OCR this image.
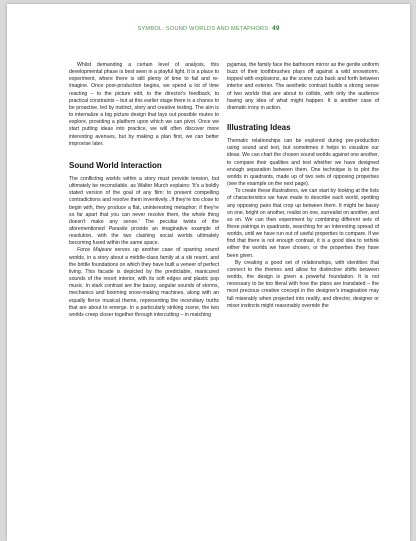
SYMBOL: SOUND WORLDS AND METAPHORS 49

Whilst demanding a certain level of analysis, this developmental phase is best seen in a playful light. It is a place to experiment, where there is still plenty of time to fail and re-imagine. Once post-production begins, we spend a lot of time reacting – to the picture edit, to the director's feedback, to practical constraints – but at this earlier stage there is a chance to be proactive, led by instinct, story and creative testing. The aim is to internalize a big picture design that lays out possible routes to explore, providing a platform upon which we can pivot. Once we start putting ideas into practice, we will often discover more interesting avenues, but by making a plan first, we can better improvise later.

Sound World Interaction

The conflicting worlds within a story must provide tension, but ultimately be reconcilable, as Walter Murch explains: 'It's a boldly stated version of the goal of any film: to present compelling contradictions and resolve them inventively...If they're too close to begin with, they produce a flat, uninteresting metaphor; if they're so far apart that you can never resolve them, the whole thing doesn't make any sense.' The peculiar twists of the aforementioned Parasite provide an imaginative example of resolution, with the two clashing social worlds ultimately becoming fused within the same space.

Force Majeure serves up another case of sparring sound worlds, in a story about a middle-class family at a ski resort, and the brittle foundations on which they have built a veneer of perfect living. This facade is depicted by the predictable, manicured sounds of the resort interior, with its soft edges and plastic pop music. In stark contrast are the bassy, angular sounds of storms, mechanics and booming snow-making machines, along with an equally fierce musical theme, representing the incendiary truths that are about to emerge. In a particularly striking scene, the two worlds creep closer together through intercutting – in matching

pyjamas, the family face the bathroom mirror as the gentle uniform buzz of their toothbrushes plays off against a wild snowstorm, topped with explosions, as the scene cuts back and forth between interior and exterior. The aesthetic contrast builds a strong sense of two worlds that are about to collide, with only the audience having any idea of what might happen. It is another case of dramatic irony in action.

Illustrating Ideas

Thematic relationships can be explored during pre-production using sound and text, but sometimes it helps to visualize our ideas. We can chart the chosen sound worlds against one another, to compare their qualities and test whether we have designed enough separation between them. One technique is to plot the worlds in quadrants, made up of two sets of opposing properties (see the example on the next page).

To create these illustrations, we can start by looking at the lists of characteristics we have made to describe each world, spotting any opposing pairs that crop up between them. It might be bassy on one, bright on another, realist on one, surrealist on another, and so on. We can then experiment by combining different sets of these pairings in quadrants, searching for an interesting spread of worlds, until we have run out of useful properties to compare. If we find that there is not enough contrast, it is a good idea to rethink either the worlds we have chosen, or the properties they have been given.

By creating a good set of relationships, with identities that connect to the themes and allow for distinctive shifts between worlds, the design is given a powerful foundation. It is not necessary to be too literal with how the plans are translated – the most precious creative concept in the designer's imagination may fall miserably when projected into reality, and director, designer or mixer instincts might reasonably override the
